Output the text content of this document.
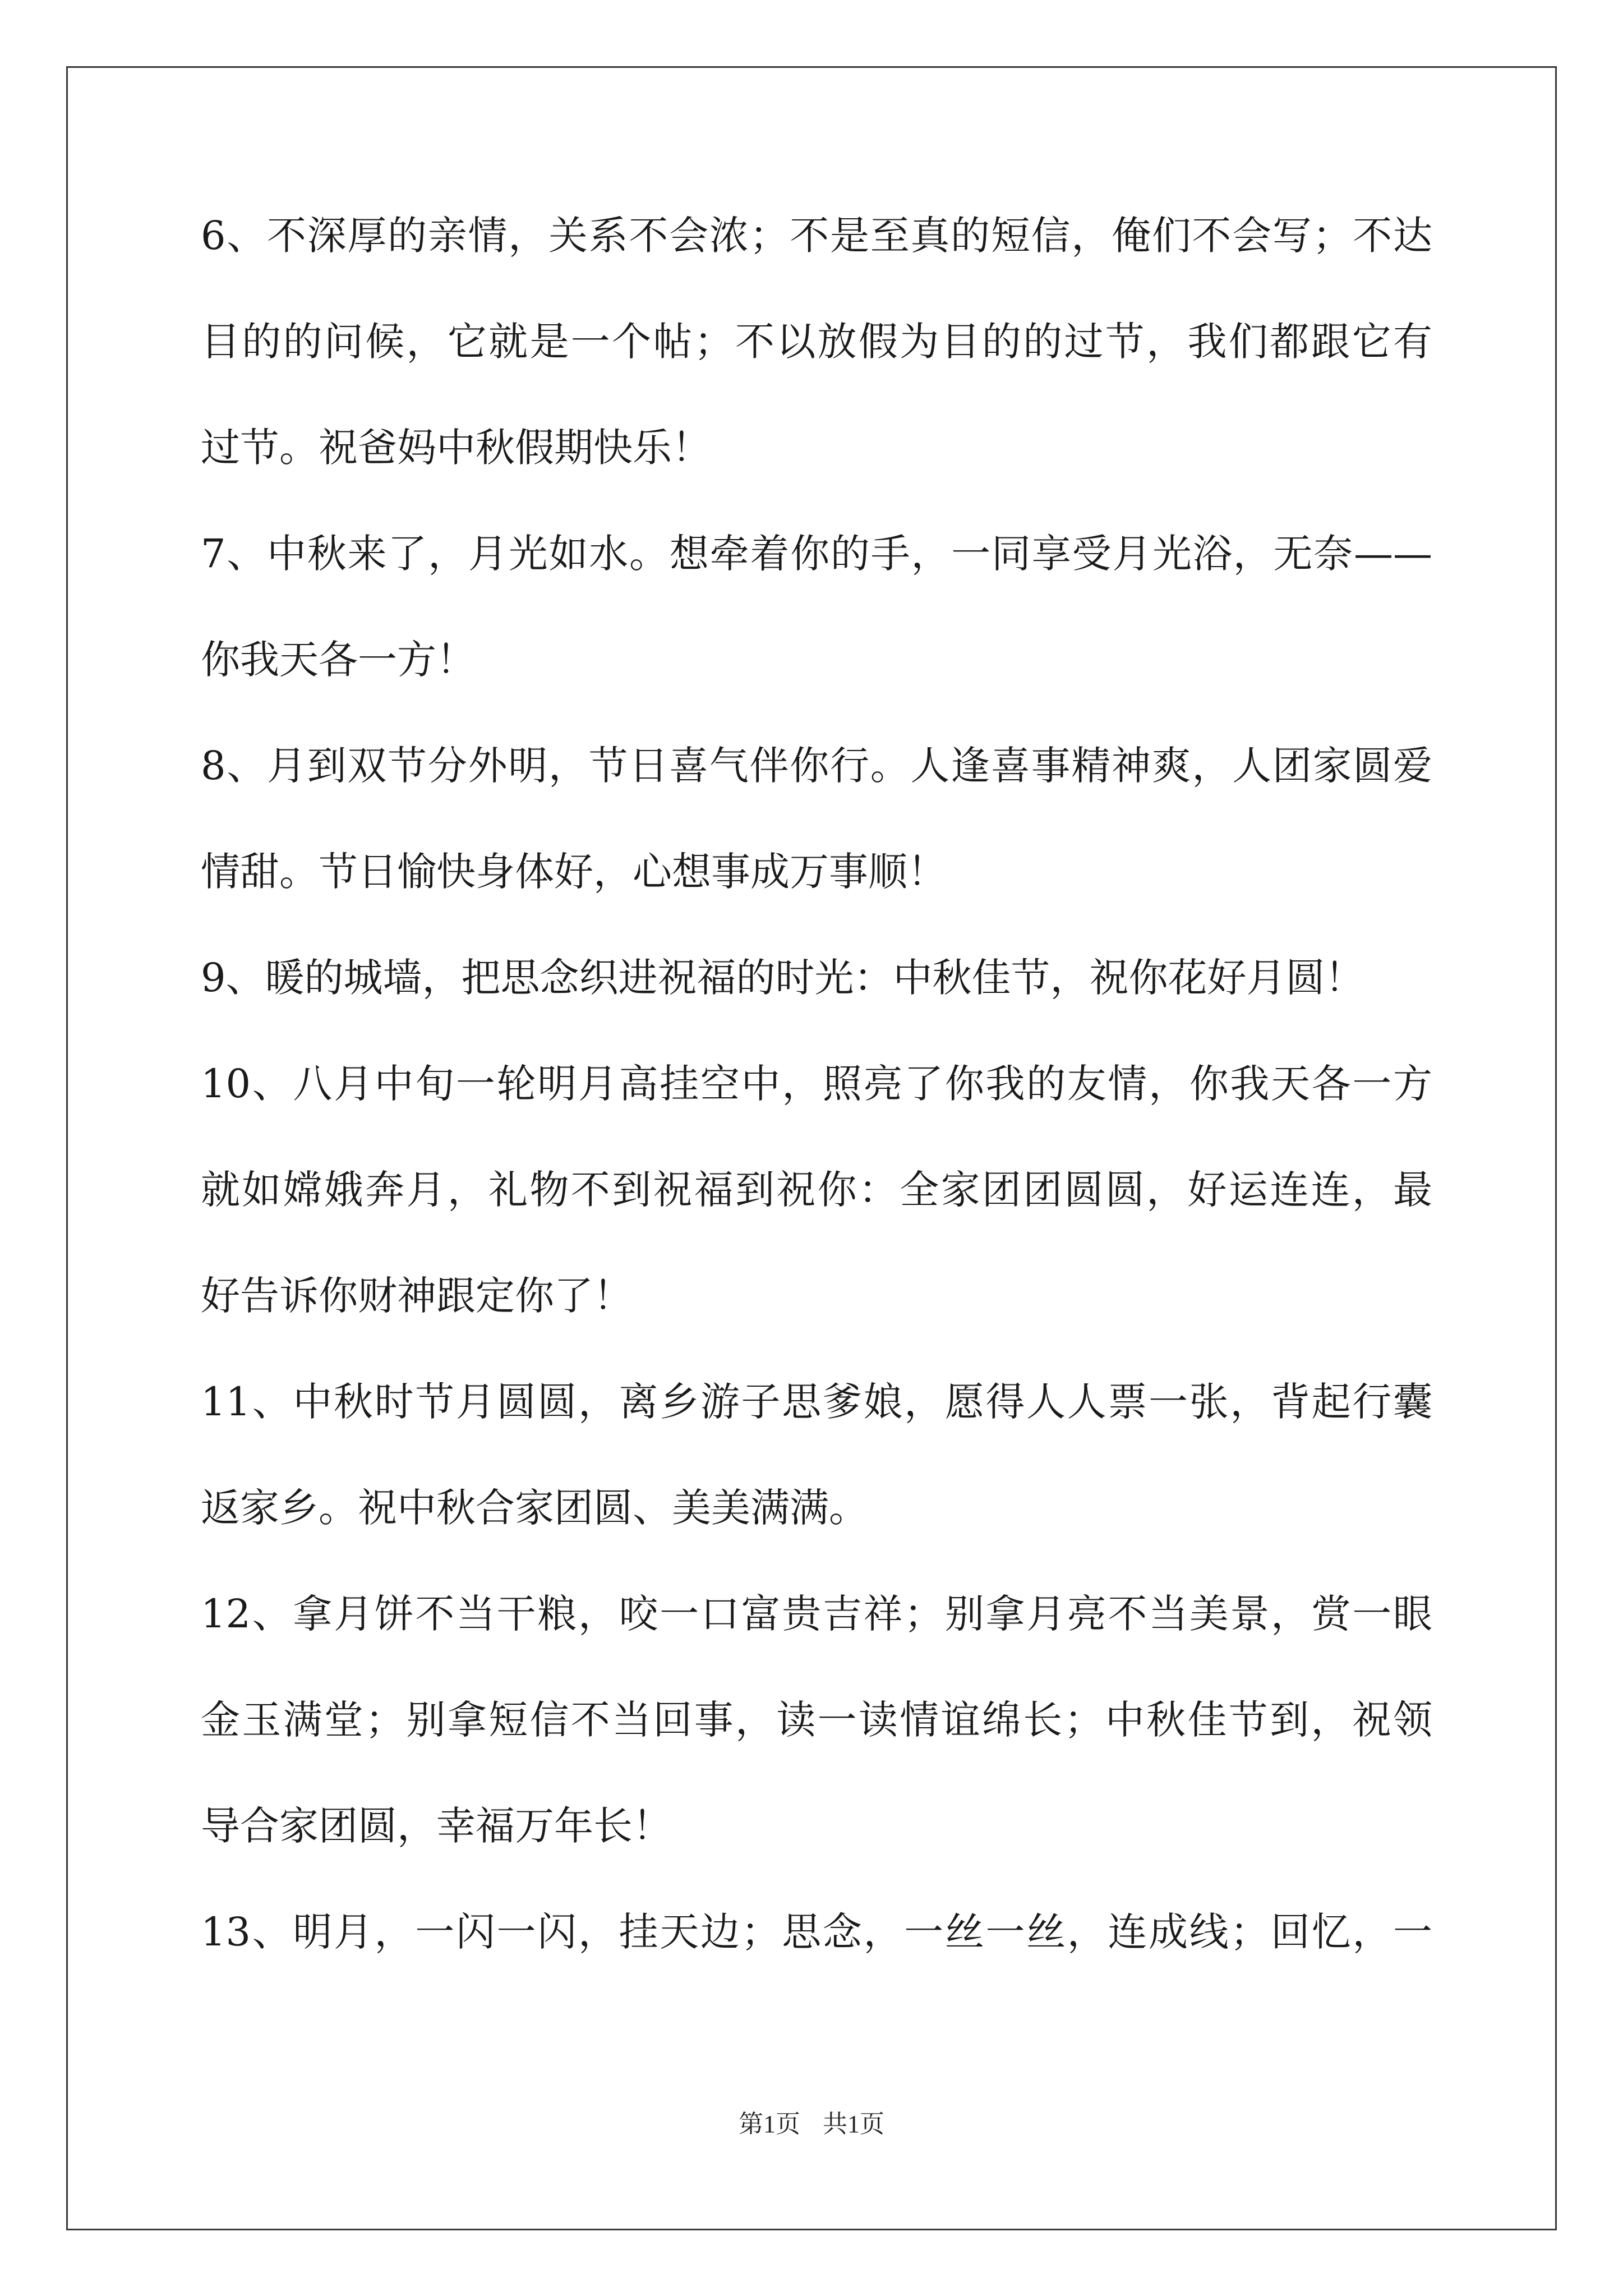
6、不深厚的亲情，关系不会浓；不是至真的短信，俺们不会写；不达
目的的问候，它就是一个帖；不以放假为目的的过节，我们都跟它有
过节。祝爸妈中秋假期快乐！
7、中秋来了，月光如水。想牵着你的手，一同享受月光浴，无奈——
你我天各一方！
8、月到双节分外明，节日喜气伴你行。人逢喜事精神爽，人团家圆爱
情甜。节日愉快身体好，心想事成万事顺！
9、暖的城墙，把思念织进祝福的时光：中秋佳节，祝你花好月圆！
10、八月中旬一轮明月高挂空中，照亮了你我的友情，你我天各一方
就如嫦娥奔月，礼物不到祝福到祝你：全家团团圆圆，好运连连，最
好告诉你财神跟定你了！
11、中秋时节月圆圆，离乡游子思爹娘，愿得人人票一张，背起行囊
返家乡。祝中秋合家团圆、美美满满。
12、拿月饼不当干粮，咬一口富贵吉祥；别拿月亮不当美景，赏一眼
金玉满堂；别拿短信不当回事，读一读情谊绵长；中秋佳节到，祝领
导合家团圆，幸福万年长！
13、明月，一闪一闪，挂天边；思念，一丝一丝，连成线；回忆，一
第1页 共1页
